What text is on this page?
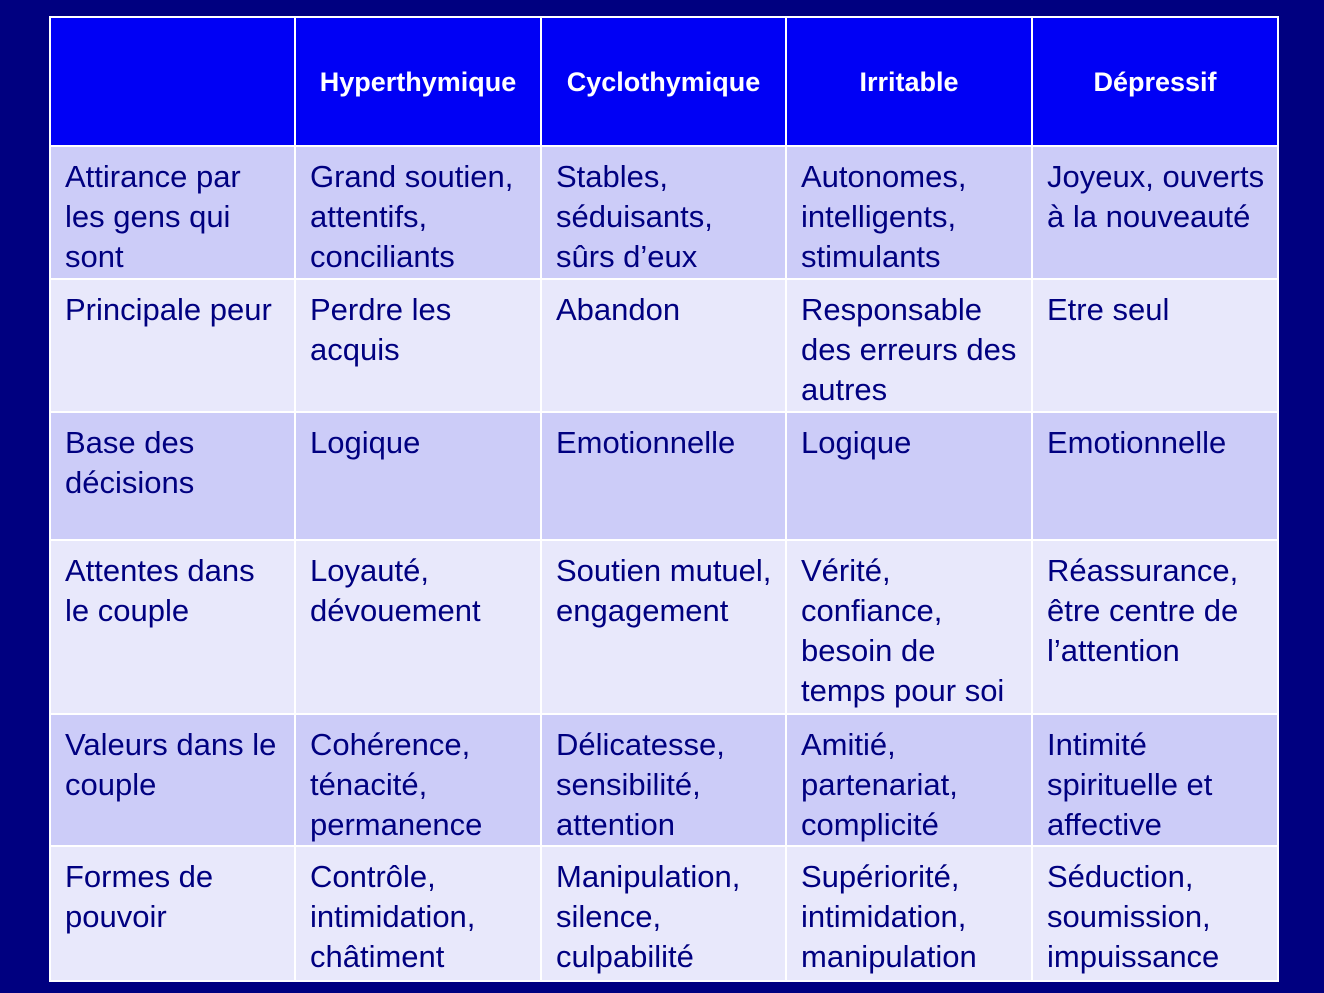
	Hyperthymique	Cyclothymique	Irritable	Dépressif
Attirance par les gens qui sont	Grand soutien, attentifs, conciliants	Stables, séduisants, sûrs d’eux	Autonomes, intelligents, stimulants	Joyeux, ouverts à la nouveauté
Principale peur	Perdre les acquis	Abandon	Responsable des erreurs des autres	Etre seul
Base des décisions	Logique	Emotionnelle	Logique	Emotionnelle
Attentes dans le couple	Loyauté, dévouement	Soutien mutuel, engagement	Vérité, confiance, besoin de temps pour soi	Réassurance, être centre de l’attention
Valeurs dans le couple	Cohérence, ténacité, permanence	Délicatesse, sensibilité, attention	Amitié, partenariat, complicité	Intimité spirituelle et affective
Formes de pouvoir	Contrôle, intimidation, châtiment	Manipulation, silence, culpabilité	Supériorité, intimidation, manipulation	Séduction, soumission, impuissance
